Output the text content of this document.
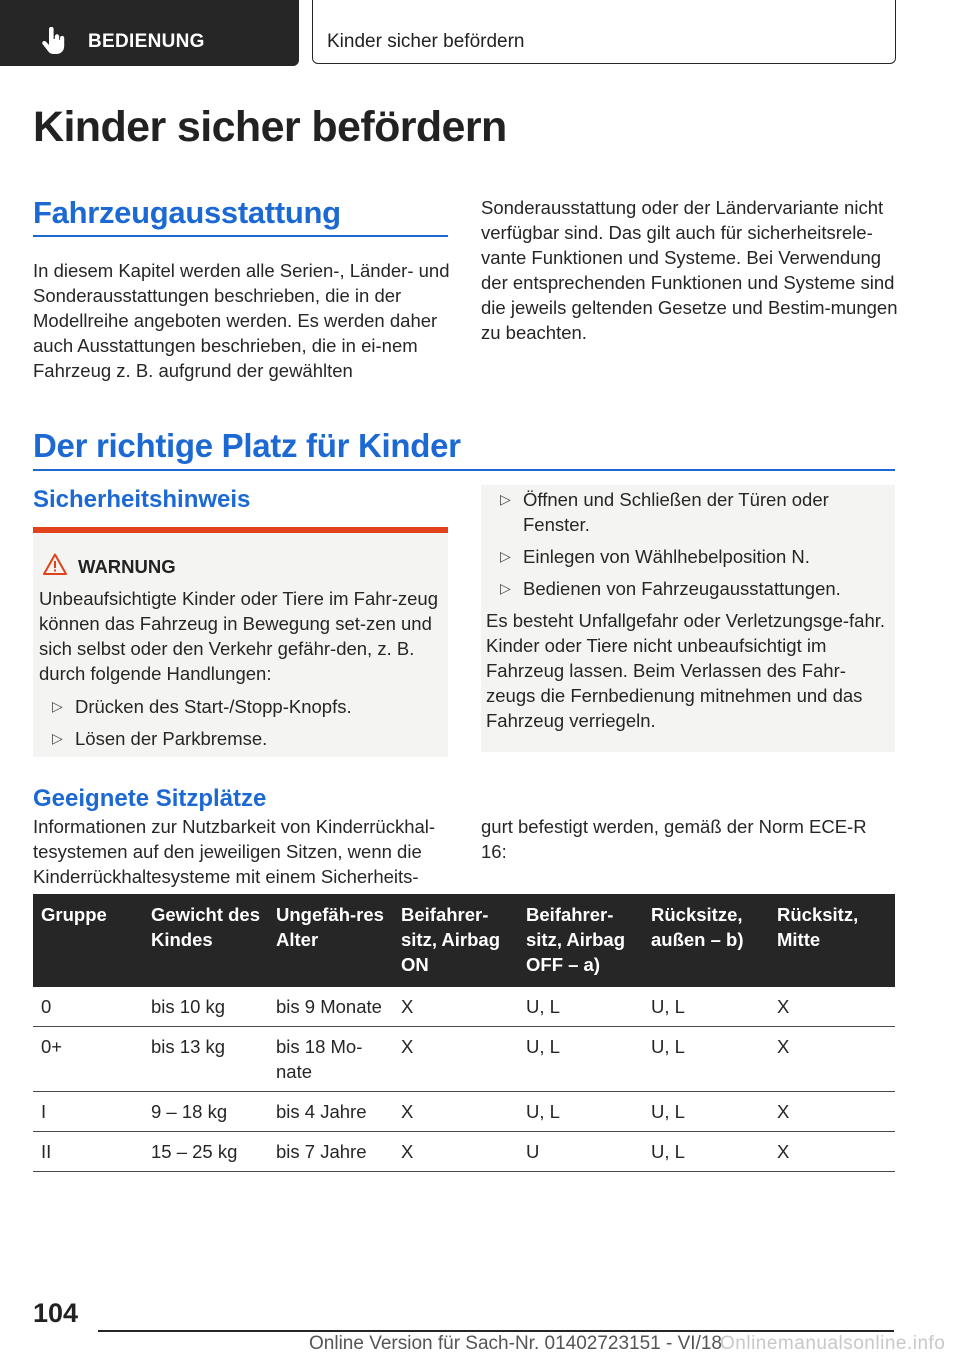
BEDIENUNG	Kinder sicher befördern
Kinder sicher befördern
Fahrzeugausstattung

In diesem Kapitel werden alle Serien-, Länder- und Sonderausstattungen beschrieben, die in der Modellreihe angeboten werden. Es werden daher auch Ausstattungen beschrieben, die in ei-nem Fahrzeug z. B. aufgrund der gewählten

Sonderausstattung oder der Ländervariante nicht verfügbar sind. Das gilt auch für sicherheitsrele-vante Funktionen und Systeme. Bei Verwendung der entsprechenden Funktionen und Systeme sind die jeweils geltenden Gesetze und Bestim-mungen zu beachten.

Der richtige Platz für Kinder
Sicherheitshinweis
WARNUNG

Unbeaufsichtigte Kinder oder Tiere im Fahr-zeug können das Fahrzeug in Bewegung set-zen und sich selbst oder den Verkehr gefähr-den, z. B. durch folgende Handlungen:

▷ Drücken des Start-/Stopp-Knopfs.
▷ Lösen der Parkbremse.
▷ Öffnen und Schließen der Türen oder Fenster.
▷ Einlegen von Wählhebelposition N.
▷ Bedienen von Fahrzeugausstattungen.

Es besteht Unfallgefahr oder Verletzungsge-fahr. Kinder oder Tiere nicht unbeaufsichtigt im Fahrzeug lassen. Beim Verlassen des Fahr-zeugs die Fernbedienung mitnehmen und das Fahrzeug verriegeln.

Geeignete Sitzplätze

Informationen zur Nutzbarkeit von Kinderrückhal-tesystemen auf den jeweiligen Sitzen, wenn die Kinderrückhaltesysteme mit einem Sicherheits-

gurt befestigt werden, gemäß der Norm ECE-R 16:

Gruppe	Gewicht des Kindes	Ungefäh-res Alter	Beifahrer-sitz, Airbag ON	Beifahrer-sitz, Airbag OFF – a)	Rücksitze, außen – b)	Rücksitz, Mitte
0	bis 10 kg	bis 9 Monate	X	U, L	U, L	X
0+	bis 13 kg	bis 18 Mo-nate	X	U, L	U, L	X
I	9 – 18 kg	bis 4 Jahre	X	U, L	U, L	X
II	15 – 25 kg	bis 7 Jahre	X	U	U, L	X
104
Online Version für Sach-Nr. 01402723151 - VI/18
Onlinemanualsonline.info
